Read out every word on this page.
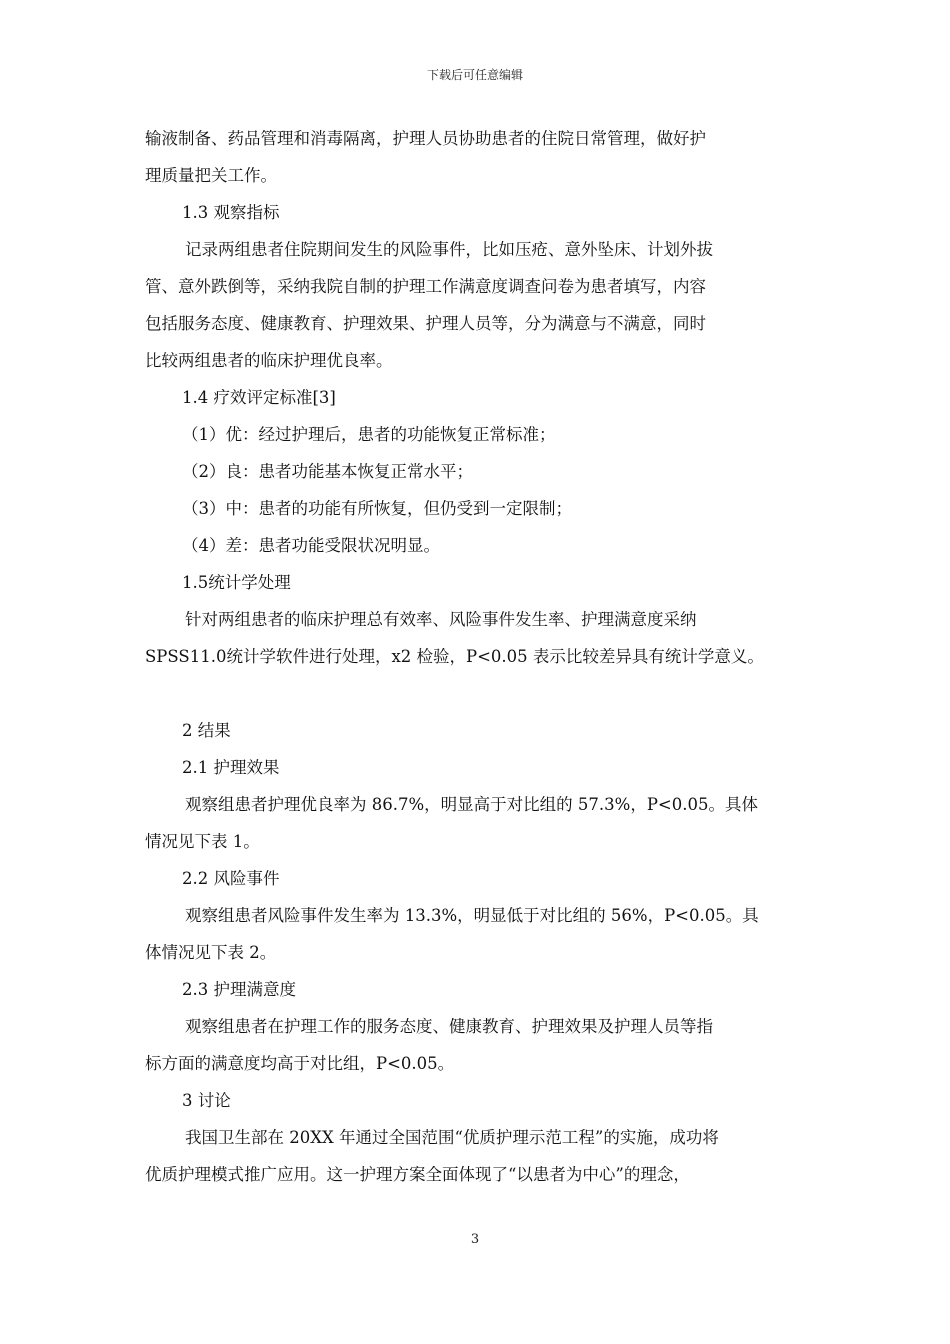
下载后可任意编辑
输液制备、药品管理和消毒隔离，护理人员协助患者的住院日常管理，做好护
理质量把关工作。
1.3 观察指标
记录两组患者住院期间发生的风险事件，比如压疮、意外坠床、计划外拔
管、意外跌倒等，采纳我院自制的护理工作满意度调查问卷为患者填写，内容
包括服务态度、健康教育、护理效果、护理人员等，分为满意与不满意，同时
比较两组患者的临床护理优良率。
1.4 疗效评定标准[3]
（1）优：经过护理后，患者的功能恢复正常标准；
（2）良：患者功能基本恢复正常水平；
（3）中：患者的功能有所恢复，但仍受到一定限制；
（4）差：患者功能受限状况明显。
1.5统计学处理
针对两组患者的临床护理总有效率、风险事件发生率、护理满意度采纳
SPSS11.0统计学软件进行处理，x2 检验，P<0.05 表示比较差异具有统计学意义。
2 结果
2.1 护理效果
观察组患者护理优良率为 86.7%，明显高于对比组的 57.3%，P<0.05。具体
情况见下表 1。
2.2 风险事件
观察组患者风险事件发生率为 13.3%，明显低于对比组的 56%，P<0.05。具
体情况见下表 2。
2.3 护理满意度
观察组患者在护理工作的服务态度、健康教育、护理效果及护理人员等指
标方面的满意度均高于对比组，P<0.05。
3 讨论
我国卫生部在 20XX 年通过全国范围“优质护理示范工程”的实施，成功将
优质护理模式推广应用。这一护理方案全面体现了“以患者为中心”的理念，
3
